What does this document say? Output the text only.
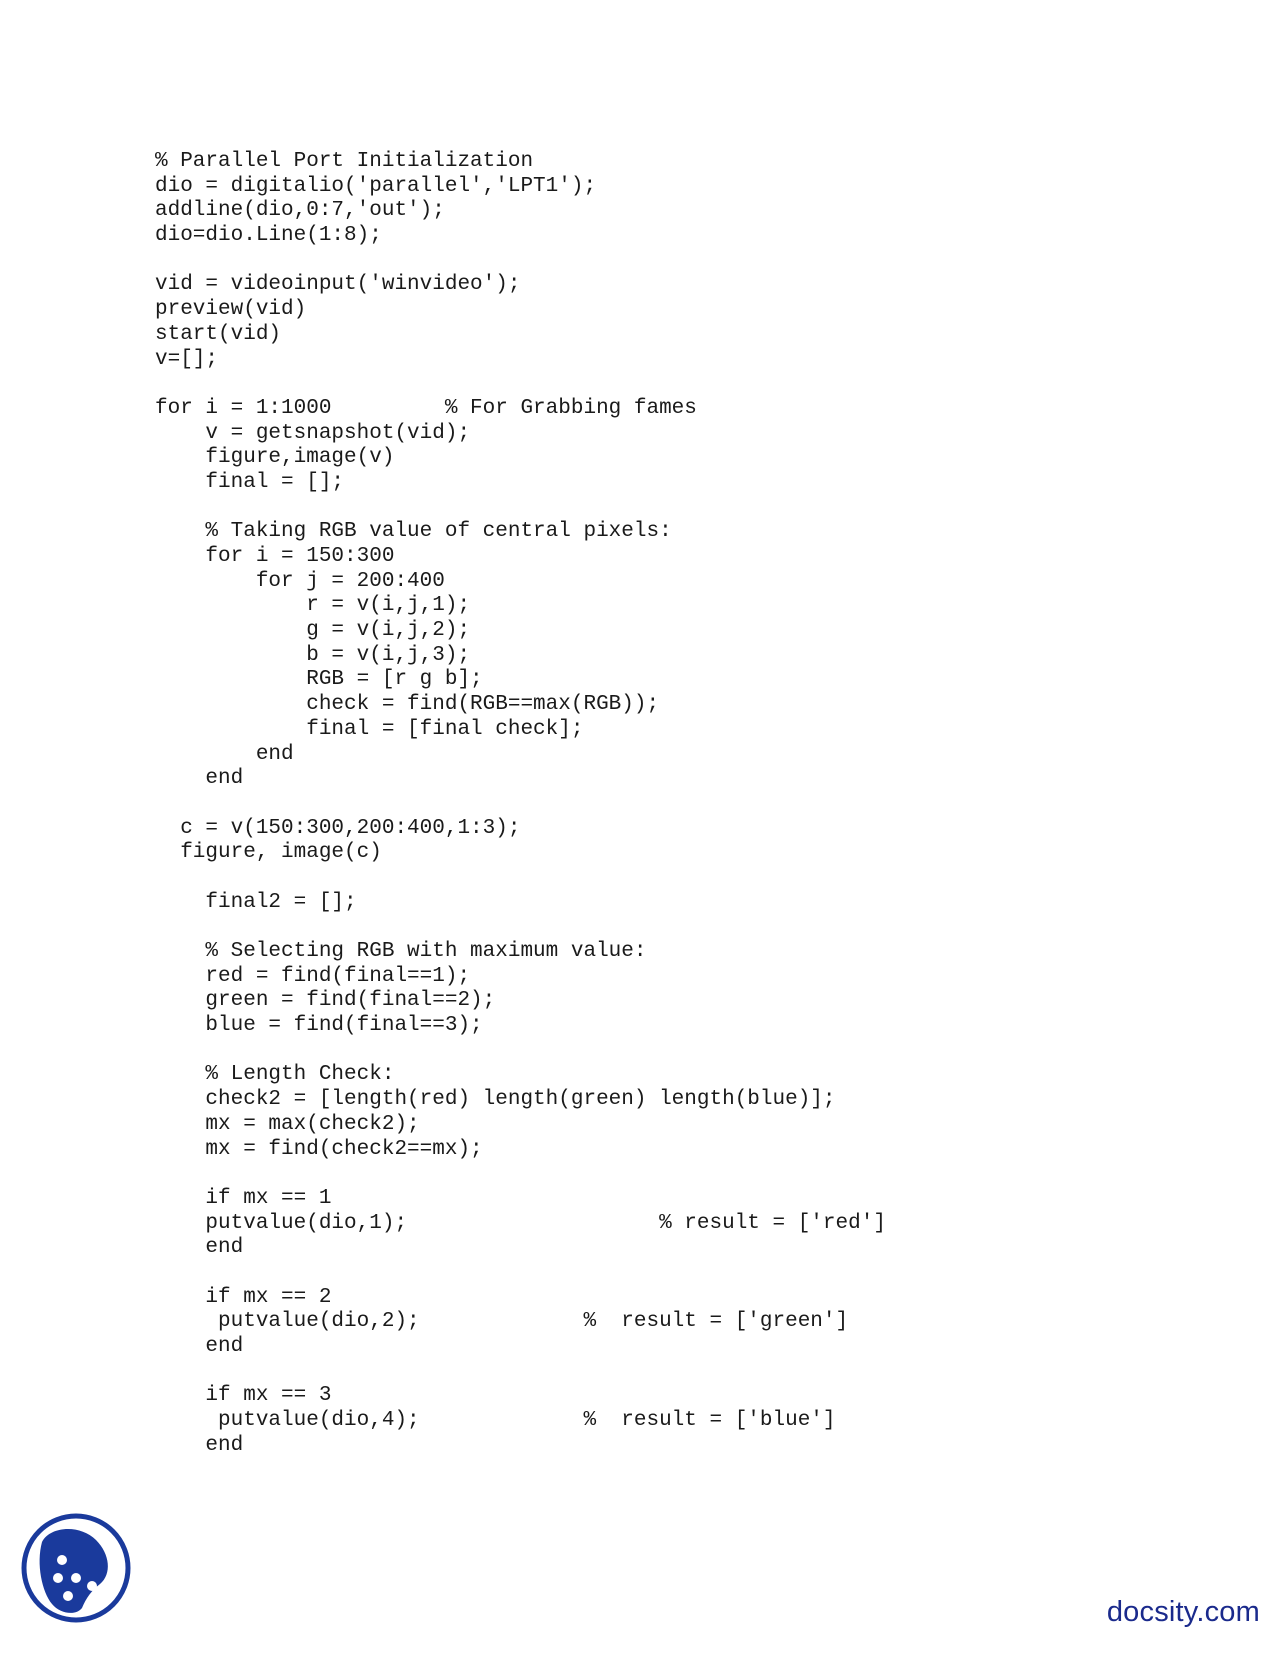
% Parallel Port Initialization
dio = digitalio('parallel','LPT1');
addline(dio,0:7,'out');
dio=dio.Line(1:8);
vid = videoinput('winvideo');
preview(vid)
start(vid)
v=[];
for i = 1:1000         % For Grabbing fames
v = getsnapshot(vid);
figure,image(v)
final = [];
% Taking RGB value of central pixels:
for i = 150:300
for j = 200:400
r = v(i,j,1);
g = v(i,j,2);
b = v(i,j,3);
RGB = [r g b];
check = find(RGB==max(RGB));
final = [final check];
end
end
c = v(150:300,200:400,1:3);
figure, image(c)
final2 = [];
% Selecting RGB with maximum value:
red = find(final==1);
green = find(final==2);
blue = find(final==3);
% Length Check:
check2 = [length(red) length(green) length(blue)];
mx = max(check2);
mx = find(check2==mx);
if mx == 1
putvalue(dio,1);                    % result = ['red']
end
if mx == 2
putvalue(dio,2);             %  result = ['green']
end
if mx == 3
putvalue(dio,4);             %  result = ['blue']
end
docsity.com
